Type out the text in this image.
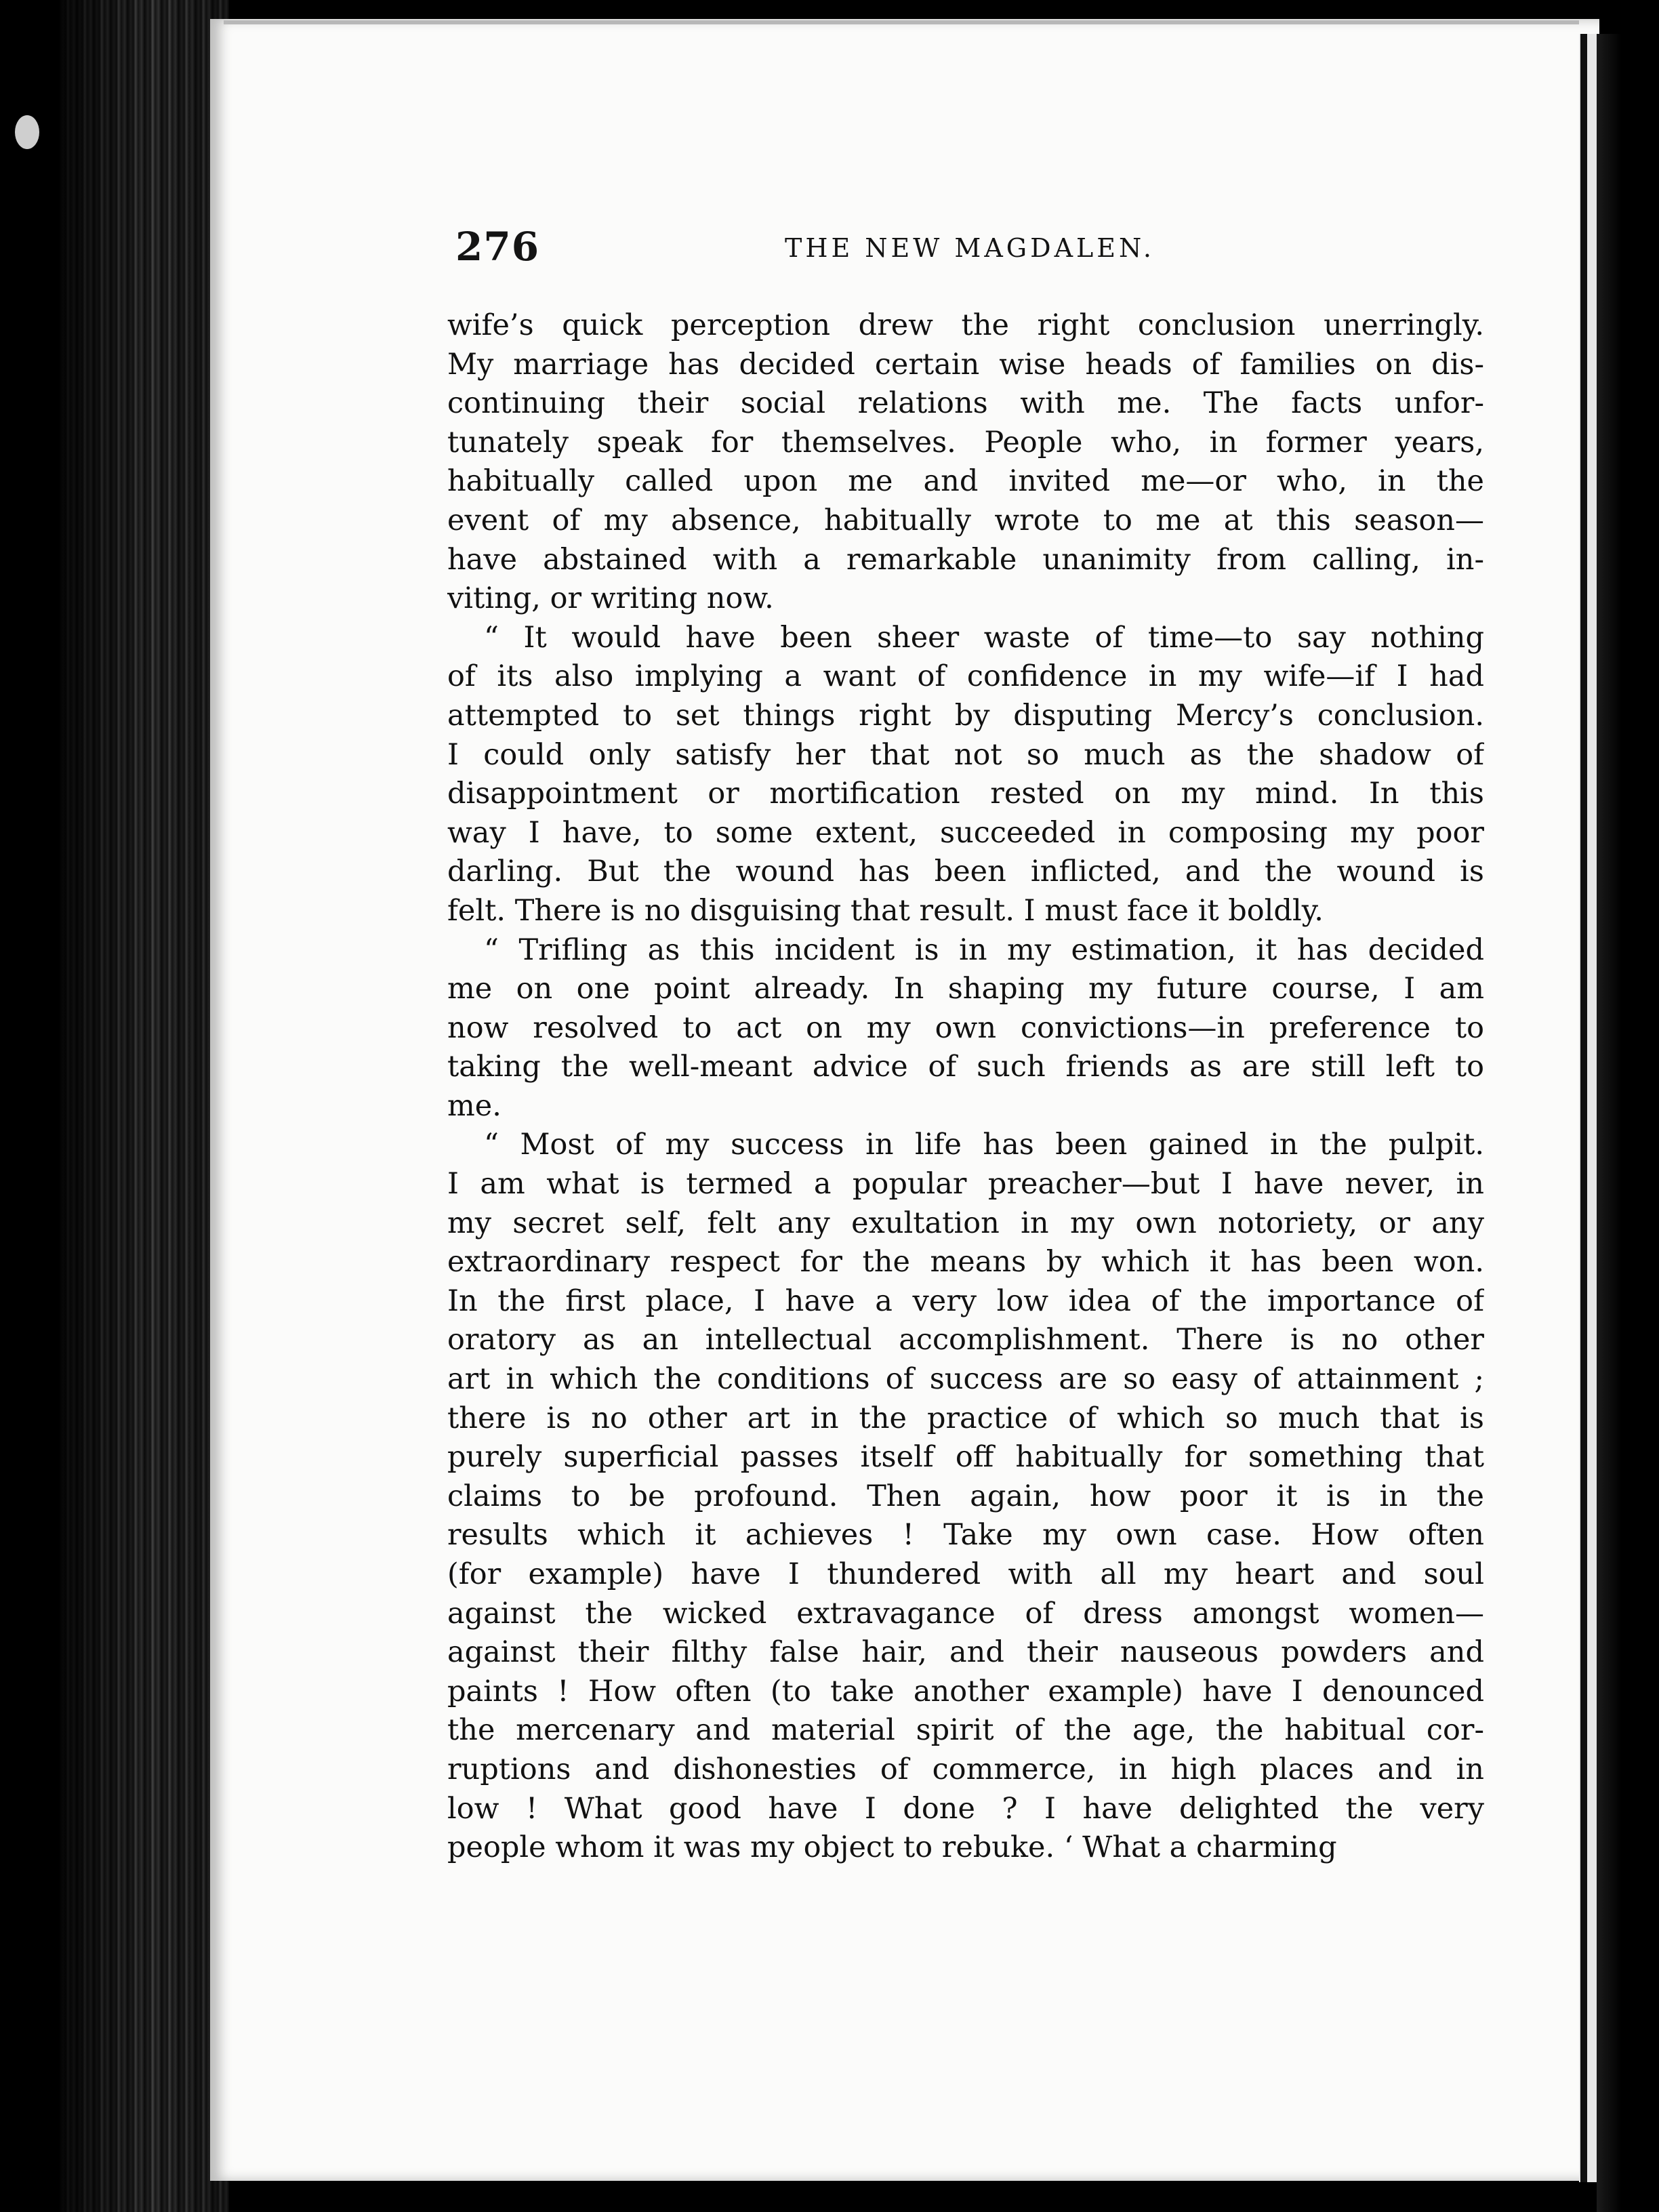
276	THE NEW MAGDALEN.
wife’s quick perception drew the right conclusion unerringly.
My marriage has decided certain wise heads of families on dis-
continuing their social relations with me. The facts unfor-
tunately speak for themselves. People who, in former years,
habitually called upon me and invited me—or who, in the
event of my absence, habitually wrote to me at this season—
have abstained with a remarkable unanimity from calling, in-
viting, or writing now.
“ It would have been sheer waste of time—to say nothing
of its also implying a want of confidence in my wife—if I had
attempted to set things right by disputing Mercy’s conclusion.
I could only satisfy her that not so much as the shadow of
disappointment or mortification rested on my mind. In this
way I have, to some extent, succeeded in composing my poor
darling. But the wound has been inflicted, and the wound is
felt. There is no disguising that result. I must face it boldly.
“ Trifling as this incident is in my estimation, it has decided
me on one point already. In shaping my future course, I am
now resolved to act on my own convictions—in preference to
taking the well-meant advice of such friends as are still left to
me.
“ Most of my success in life has been gained in the pulpit.
I am what is termed a popular preacher—but I have never, in
my secret self, felt any exultation in my own notoriety, or any
extraordinary respect for the means by which it has been won.
In the first place, I have a very low idea of the importance of
oratory as an intellectual accomplishment. There is no other
art in which the conditions of success are so easy of attainment ;
there is no other art in the practice of which so much that is
purely superficial passes itself off habitually for something that
claims to be profound. Then again, how poor it is in the
results which it achieves ! Take my own case. How often
(for example) have I thundered with all my heart and soul
against the wicked extravagance of dress amongst women—
against their filthy false hair, and their nauseous powders and
paints ! How often (to take another example) have I denounced
the mercenary and material spirit of the age, the habitual cor-
ruptions and dishonesties of commerce, in high places and in
low ! What good have I done ? I have delighted the very
people whom it was my object to rebuke. ‘ What a charming
